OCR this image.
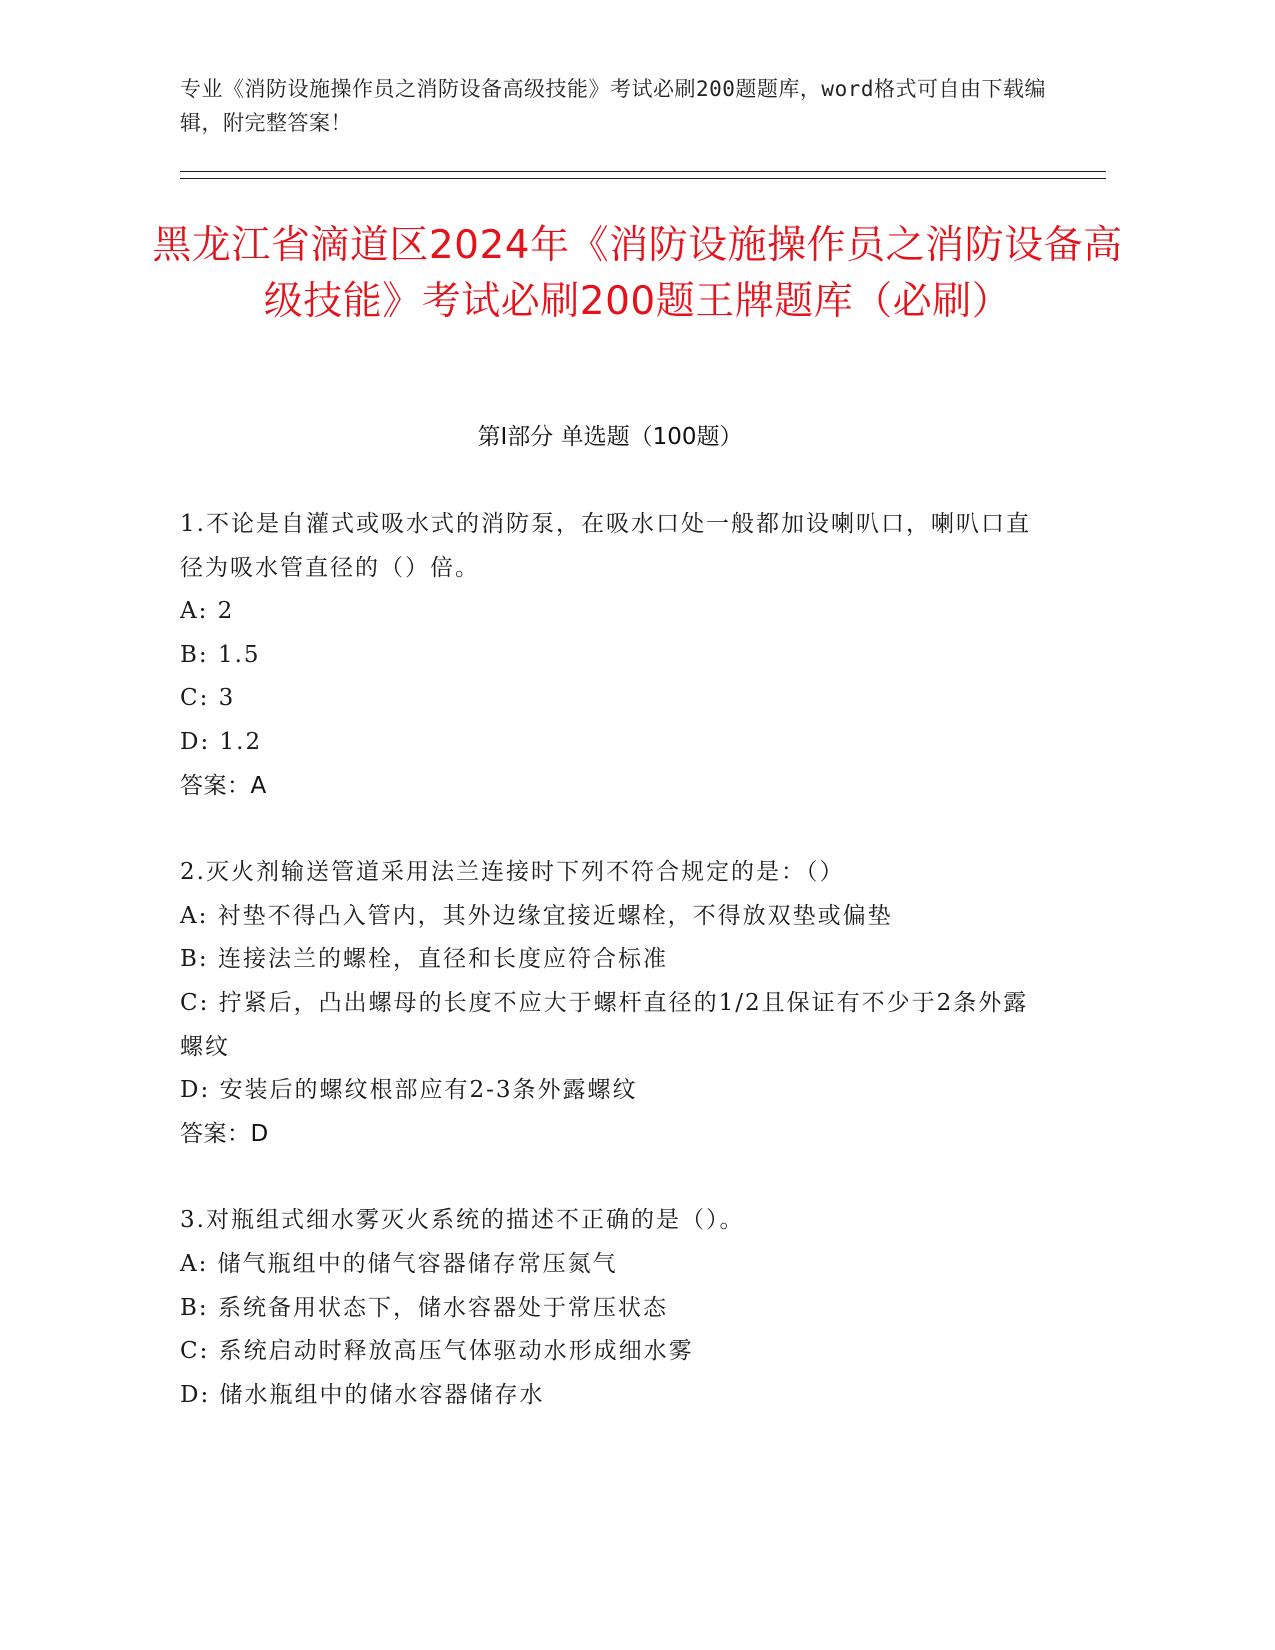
专业《消防设施操作员之消防设备高级技能》考试必刷200题题库，word格式可自由下载编辑，附完整答案！
黑龙江省滴道区2024年《消防设施操作员之消防设备高级技能》考试必刷200题王牌题库（必刷）
第I部分 单选题（100题）
1.不论是自灌式或吸水式的消防泵，在吸水口处一般都加设喇叭口，喇叭口直径为吸水管直径的（）倍。
A: 2
B: 1.5
C: 3
D: 1.2
答案：A
2.灭火剂输送管道采用法兰连接时下列不符合规定的是：（）
A: 衬垫不得凸入管内，其外边缘宜接近螺栓，不得放双垫或偏垫
B: 连接法兰的螺栓，直径和长度应符合标准
C: 拧紧后，凸出螺母的长度不应大于螺杆直径的1/2且保证有不少于2条外露螺纹
D: 安装后的螺纹根部应有2-3条外露螺纹
答案：D
3.对瓶组式细水雾灭火系统的描述不正确的是（）。
A: 储气瓶组中的储气容器储存常压氮气
B: 系统备用状态下，储水容器处于常压状态
C: 系统启动时释放高压气体驱动水形成细水雾
D: 储水瓶组中的储水容器储存水
